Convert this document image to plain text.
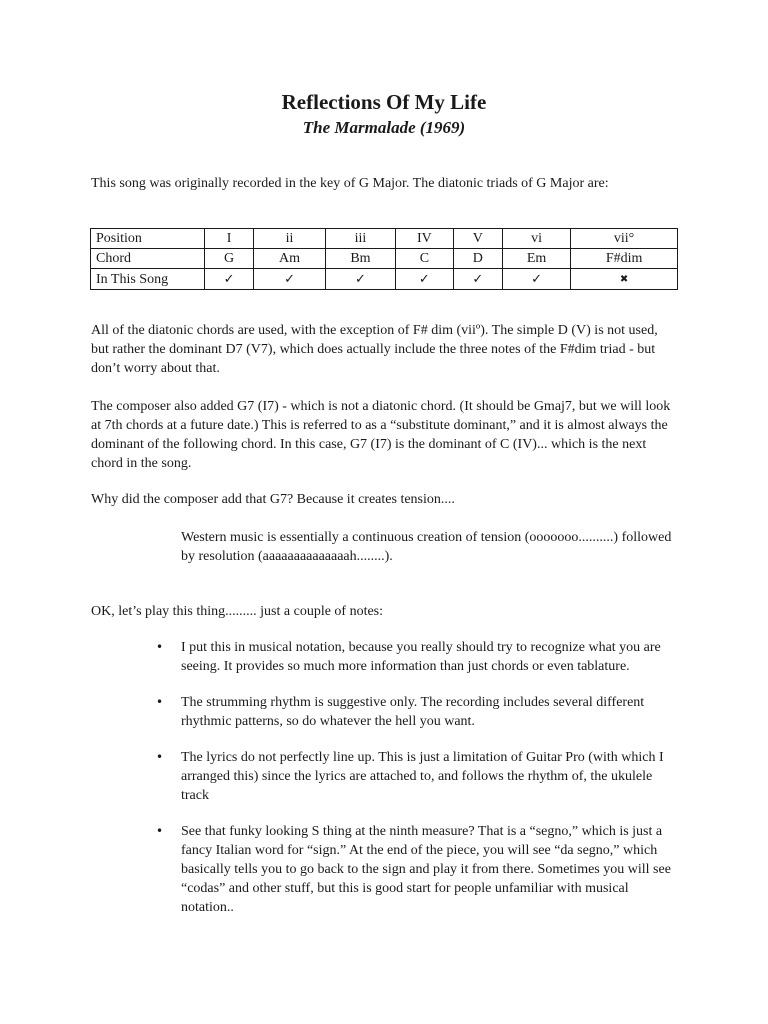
Reflections Of My Life
The Marmalade (1969)

This song was originally recorded in the key of G Major. The diatonic triads of G Major are:

Position	I	ii	iii	IV	V	vi	vii°
Chord	G	Am	Bm	C	D	Em	F#dim
In This Song	✓	✓	✓	✓	✓	✓	✖

All of the diatonic chords are used, with the exception of F# dim (viiº). The simple D (V) is not used, but rather the dominant D7 (V7), which does actually include the three notes of the F#dim triad - but don’t worry about that.

The composer also added G7 (I7) - which is not a diatonic chord. (It should be Gmaj7, but we will look at 7th chords at a future date.) This is referred to as a “substitute dominant,” and it is almost always the dominant of the following chord. In this case, G7 (I7) is the dominant of C (IV)... which is the next chord in the song.

Why did the composer add that G7? Because it creates tension....

Western music is essentially a continuous creation of tension (ooooooo..........) followed by resolution (aaaaaaaaaaaaaah........).

OK, let’s play this thing......... just a couple of notes:

• I put this in musical notation, because you really should try to recognize what you are seeing. It provides so much more information than just chords or even tablature.
• The strumming rhythm is suggestive only. The recording includes several different rhythmic patterns, so do whatever the hell you want.
• The lyrics do not perfectly line up. This is just a limitation of Guitar Pro (with which I arranged this) since the lyrics are attached to, and follows the rhythm of, the ukulele track
• See that funky looking S thing at the ninth measure? That is a “segno,” which is just a fancy Italian word for “sign.” At the end of the piece, you will see “da segno,” which basically tells you to go back to the sign and play it from there. Sometimes you will see “codas” and other stuff, but this is good start for people unfamiliar with musical notation..
